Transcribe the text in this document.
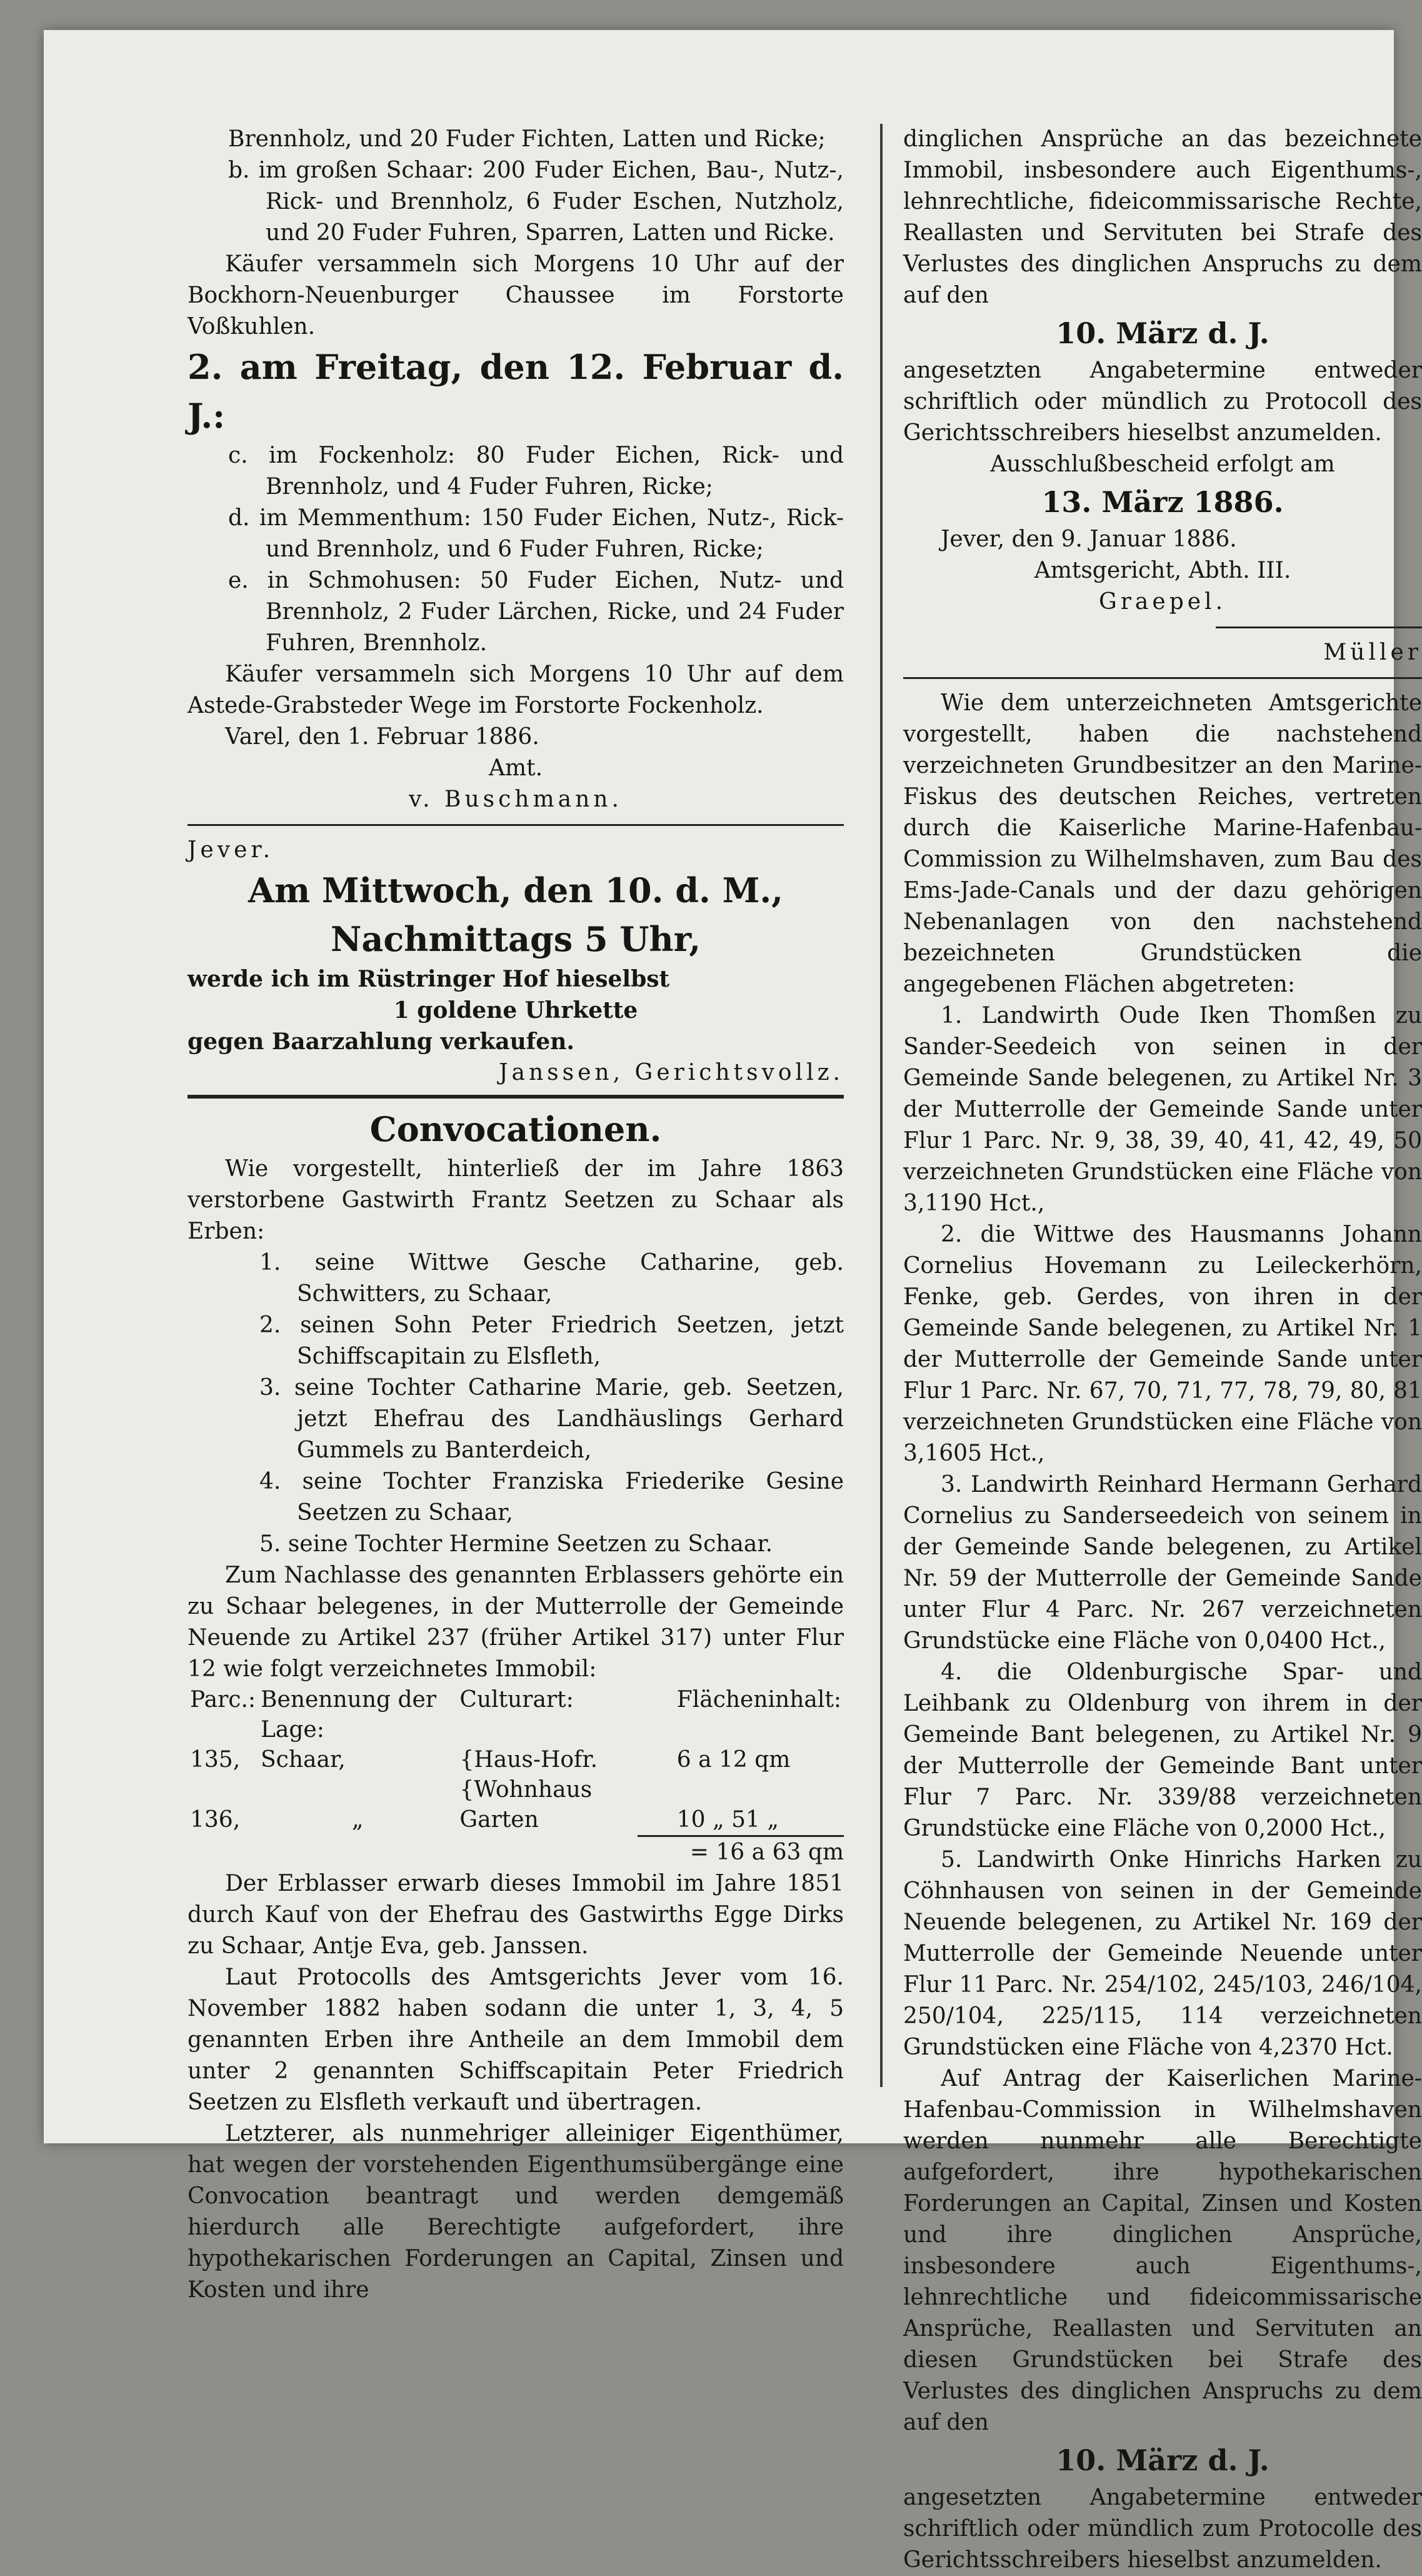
Brennholz, und 20 Fuder Fichten, Latten und Ricke;

b. im großen Schaar: 200 Fuder Eichen, Bau-, Nutz-, Rick- und Brennholz, 6 Fuder Eschen, Nutzholz, und 20 Fuder Fuhren, Sparren, Latten und Ricke.

Käufer versammeln sich Morgens 10 Uhr auf der Bockhorn-Neuenburger Chaussee im Forstorte Voßkuhlen.

2. am Freitag, den 12. Februar d. J.:

c. im Fockenholz: 80 Fuder Eichen, Rick- und Brennholz, und 4 Fuder Fuhren, Ricke;

d. im Memmenthum: 150 Fuder Eichen, Nutz-, Rick- und Brennholz, und 6 Fuder Fuhren, Ricke;

e. in Schmohusen: 50 Fuder Eichen, Nutz- und Brennholz, 2 Fuder Lärchen, Ricke, und 24 Fuder Fuhren, Brennholz.

Käufer versammeln sich Morgens 10 Uhr auf dem Astede-Grabsteder Wege im Forstorte Fockenholz.

Varel, den 1. Februar 1886.

Amt.

v. Buschmann.

Jever.

Am Mittwoch, den 10. d. M.,

Nachmittags 5 Uhr,

werde ich im Rüstringer Hof hieselbst

1 goldene Uhrkette

gegen Baarzahlung verkaufen.

Janssen, Gerichtsvollz.

Convocationen.

Wie vorgestellt, hinterließ der im Jahre 1863 verstorbene Gastwirth Frantz Seetzen zu Schaar als Erben:

1. seine Wittwe Gesche Catharine, geb. Schwitters, zu Schaar,

2. seinen Sohn Peter Friedrich Seetzen, jetzt Schiffscapitain zu Elsfleth,

3. seine Tochter Catharine Marie, geb. Seetzen, jetzt Ehefrau des Landhäuslings Gerhard Gummels zu Banterdeich,

4. seine Tochter Franziska Friederike Gesine Seetzen zu Schaar,

5. seine Tochter Hermine Seetzen zu Schaar.

Zum Nachlasse des genannten Erblassers gehörte ein zu Schaar belegenes, in der Mutterrolle der Gemeinde Neuende zu Artikel 237 (früher Artikel 317) unter Flur 12 wie folgt verzeichnetes Immobil:

Parc.:	Benennung der Lage:	Culturart:	Flächeninhalt:
135,	Schaar,	{Haus-Hofr. {Wohnhaus	6 a 12 qm
136,	„	Garten	10 „ 51 „

= 16 a 63 qm

Der Erblasser erwarb dieses Immobil im Jahre 1851 durch Kauf von der Ehefrau des Gastwirths Egge Dirks zu Schaar, Antje Eva, geb. Janssen.

Laut Protocolls des Amtsgerichts Jever vom 16. November 1882 haben sodann die unter 1, 3, 4, 5 genannten Erben ihre Antheile an dem Immobil dem unter 2 genannten Schiffscapitain Peter Friedrich Seetzen zu Elsfleth verkauft und übertragen.

Letzterer, als nunmehriger alleiniger Eigenthümer, hat wegen der vorstehenden Eigenthumsübergänge eine Convocation beantragt und werden demgemäß hierdurch alle Berechtigte aufgefordert, ihre hypothekarischen Forderungen an Capital, Zinsen und Kosten und ihre

dinglichen Ansprüche an das bezeichnete Immobil, insbesondere auch Eigenthums-, lehnrechtliche, fideicommissarische Rechte, Reallasten und Servituten bei Strafe des Verlustes des dinglichen Anspruchs zu dem auf den

10. März d. J.

angesetzten Angabetermine entweder schriftlich oder mündlich zu Protocoll des Gerichtsschreibers hieselbst anzumelden.

Ausschlußbescheid erfolgt am

13. März 1886.

Jever, den 9. Januar 1886.

Amtsgericht, Abth. III.

Graepel.

Müller

Wie dem unterzeichneten Amtsgerichte vorgestellt, haben die nachstehend verzeichneten Grundbesitzer an den Marine-Fiskus des deutschen Reiches, vertreten durch die Kaiserliche Marine-Hafenbau-Commission zu Wilhelmshaven, zum Bau des Ems-Jade-Canals und der dazu gehörigen Nebenanlagen von den nachstehend bezeichneten Grundstücken die angegebenen Flächen abgetreten:

1. Landwirth Oude Iken Thomßen zu Sander-Seedeich von seinen in der Gemeinde Sande belegenen, zu Artikel Nr. 3 der Mutterrolle der Gemeinde Sande unter Flur 1 Parc. Nr. 9, 38, 39, 40, 41, 42, 49, 50 verzeichneten Grundstücken eine Fläche von 3,1190 Hct.,

2. die Wittwe des Hausmanns Johann Cornelius Hovemann zu Leileckerhörn, Fenke, geb. Gerdes, von ihren in der Gemeinde Sande belegenen, zu Artikel Nr. 1 der Mutterrolle der Gemeinde Sande unter Flur 1 Parc. Nr. 67, 70, 71, 77, 78, 79, 80, 81 verzeichneten Grundstücken eine Fläche von 3,1605 Hct.,

3. Landwirth Reinhard Hermann Gerhard Cornelius zu Sanderseedeich von seinem in der Gemeinde Sande belegenen, zu Artikel Nr. 59 der Mutterrolle der Gemeinde Sande unter Flur 4 Parc. Nr. 267 verzeichneten Grundstücke eine Fläche von 0,0400 Hct.,

4. die Oldenburgische Spar- und Leihbank zu Oldenburg von ihrem in der Gemeinde Bant belegenen, zu Artikel Nr. 9 der Mutterrolle der Gemeinde Bant unter Flur 7 Parc. Nr. 339/88 verzeichneten Grundstücke eine Fläche von 0,2000 Hct.,

5. Landwirth Onke Hinrichs Harken zu Cöhnhausen von seinen in der Gemeinde Neuende belegenen, zu Artikel Nr. 169 der Mutterrolle der Gemeinde Neuende unter Flur 11 Parc. Nr. 254/102, 245/103, 246/104, 250/104, 225/115, 114 verzeichneten Grundstücken eine Fläche von 4,2370 Hct.

Auf Antrag der Kaiserlichen Marine-Hafenbau-Commission in Wilhelmshaven werden nunmehr alle Berechtigte aufgefordert, ihre hypothekarischen Forderungen an Capital, Zinsen und Kosten und ihre dinglichen Ansprüche, insbesondere auch Eigenthums-, lehnrechtliche und fideicommissarische Ansprüche, Reallasten und Servituten an diesen Grundstücken bei Strafe des Verlustes des dinglichen Anspruchs zu dem auf den

10. März d. J.

angesetzten Angabetermine entweder schriftlich oder mündlich zum Protocolle des Gerichtsschreibers hieselbst anzumelden.
